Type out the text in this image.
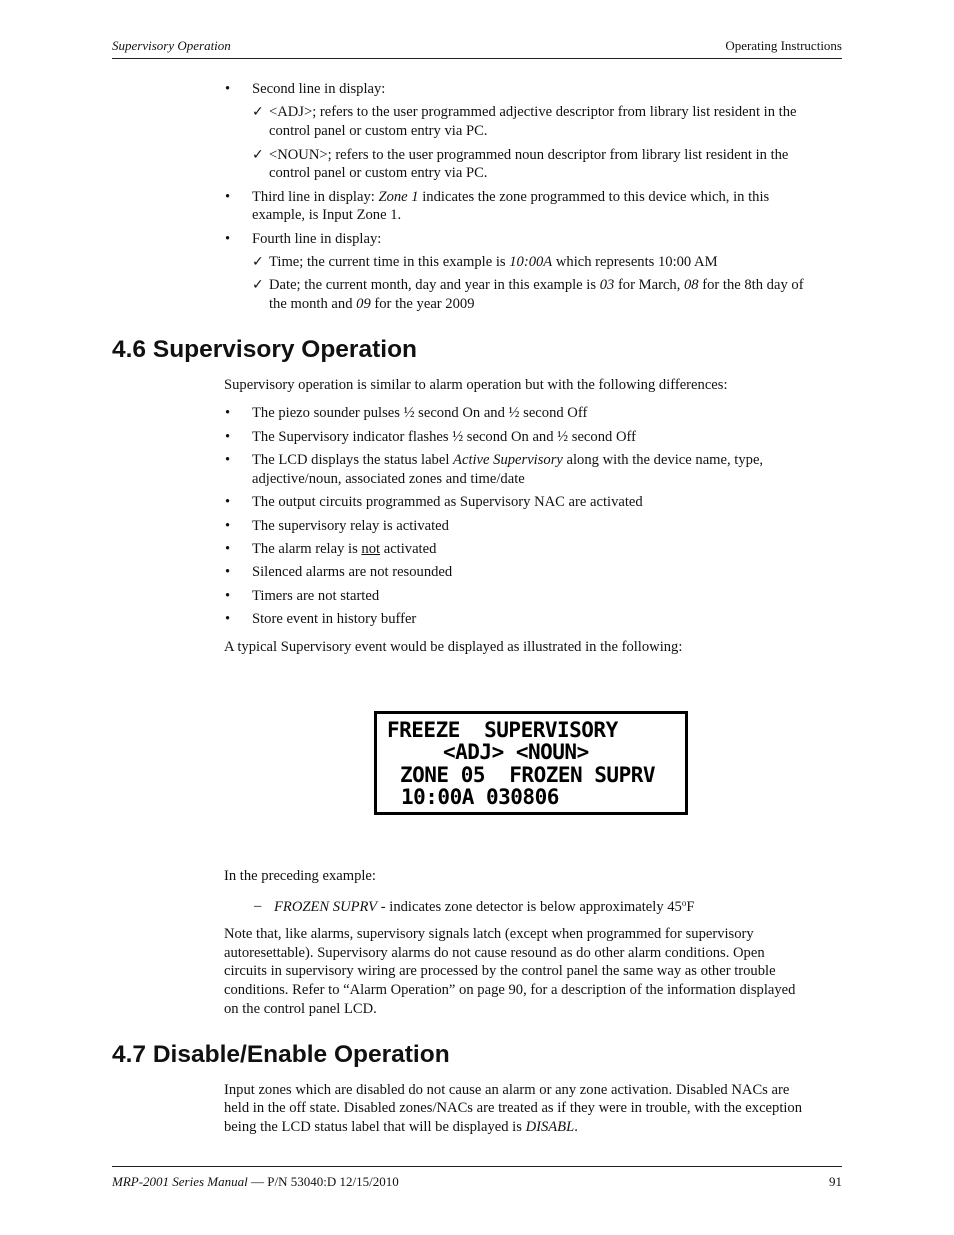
Supervisory Operation	Operating Instructions
• Second line in display:
✓ <ADJ>; refers to the user programmed adjective descriptor from library list resident in the
control panel or custom entry via PC.
✓ <NOUN>; refers to the user programmed noun descriptor from library list resident in the
control panel or custom entry via PC.
• Third line in display: Zone 1 indicates the zone programmed to this device which, in this
example, is Input Zone 1.
• Fourth line in display:
✓ Time; the current time in this example is 10:00A which represents 10:00 AM
✓ Date; the current month, day and year in this example is 03 for March, 08 for the 8th day of
the month and 09 for the year 2009
4.6 Supervisory Operation
Supervisory operation is similar to alarm operation but with the following differences:
• The piezo sounder pulses ½ second On and ½ second Off
• The Supervisory indicator flashes ½ second On and ½ second Off
• The LCD displays the status label Active Supervisory along with the device name, type,
adjective/noun, associated zones and time/date
• The output circuits programmed as Supervisory NAC are activated
• The supervisory relay is activated
• The alarm relay is not activated
• Silenced alarms are not resounded
• Timers are not started
• Store event in history buffer
A typical Supervisory event would be displayed as illustrated in the following:
FREEZE  SUPERVISORY
<ADJ> <NOUN>
ZONE 05  FROZEN SUPRV
10:00A 030806
In the preceding example:
– FROZEN SUPRV - indicates zone detector is below approximately 45$^o$F
Note that, like alarms, supervisory signals latch (except when programmed for supervisory
autoresettable). Supervisory alarms do not cause resound as do other alarm conditions. Open
circuits in supervisory wiring are processed by the control panel the same way as other trouble
conditions. Refer to “Alarm Operation” on page 90, for a description of the information displayed
on the control panel LCD.
4.7 Disable/Enable Operation
Input zones which are disabled do not cause an alarm or any zone activation. Disabled NACs are
held in the off state. Disabled zones/NACs are treated as if they were in trouble, with the exception
being the LCD status label that will be displayed is DISABL.
MRP-2001 Series Manual — P/N 53040:D 12/15/2010	91
